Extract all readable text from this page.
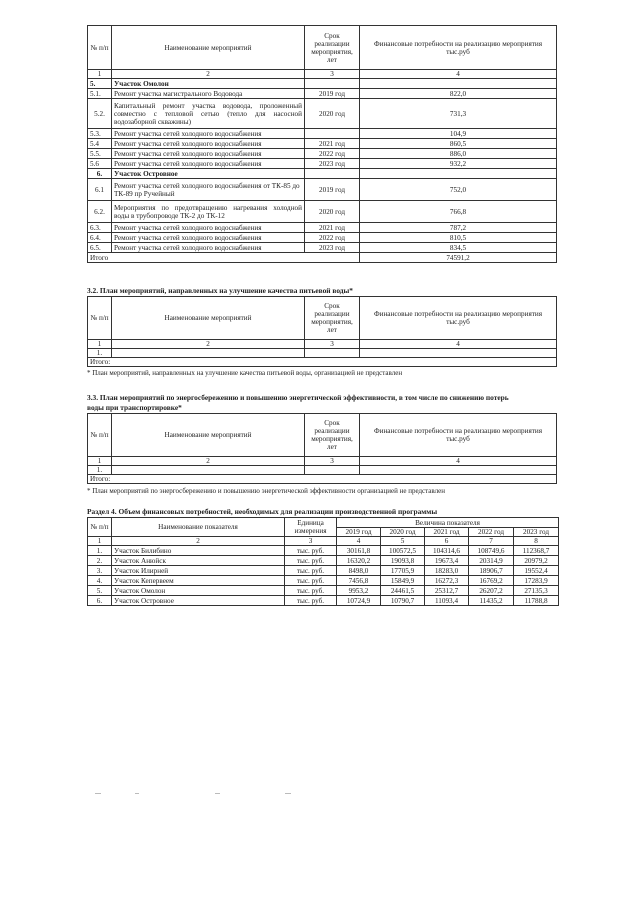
№ п/п	Наименование мероприятий	Срок реализации мероприятия, лет	Финансовые потребности на реализацию мероприятия тыс.руб
1	2	3	4
5.	Участок Омолон		
5.1.	Ремонт участка магистрального Водовода	2019 год	822,0
5.2.	Капитальный ремонт участка водовода, проложенный совместно с тепловой сетью (тепло для насосной водозаборной скважины)	2020 год	731,3
5.3.	Ремонт участка сетей холодного водоснабжения		104,9
5.4	Ремонт участка сетей холодного водоснабжения	2021 год	860,5
5.5.	Ремонт участка сетей холодного водоснабжения	2022 год	886,0
5.6	Ремонт участка сетей холодного водоснабжения	2023 год	932,2
6.	Участок Островное		
6.1	Ремонт участка сетей холодного водоснабжения от ТК-85 до ТК-89 пр Ручейный	2019 год	752,0
6.2.	Мероприятия по предотвращению нагревания холодной воды в трубопроводе ТК-2 до ТК-12	2020 год	766,8
6.3.	Ремонт участка сетей холодного водоснабжения	2021 год	787,2
6.4.	Ремонт участка сетей холодного водоснабжения	2022 год	810,5
6.5.	Ремонт участка сетей холодного водоснабжения	2023 год	834,5
Итого			74591,2
3.2. План мероприятий, направленных на улучшение качества питьевой воды*
№ п/п	Наименование мероприятий	Срок реализации мероприятия, лет	Финансовые потребности на реализацию мероприятия тыс.руб
1	2	3	4
1.			
Итого:			
* План мероприятий, направленных на улучшение качества питьевой воды, организацией не представлен
3.3. План мероприятий по энергосбережению и повышению энергетической эффективности, в том числе по снижению потерь
воды при транспортировке*
№ п/п	Наименование мероприятий	Срок реализации мероприятия, лет	Финансовые потребности на реализацию мероприятия тыс.руб
1	2	3	4
1.			
Итого:			
* План мероприятий по энергосбережению и повышению энергетической эффективности организацией не представлен
Раздел 4. Объем финансовых потребностей, необходимых для реализации производственной программы
№ п/п	Наименование показателя	Единица измерения	Величина показателя				
			2019 год	2020 год	2021 год	2022 год	2023 год
1	2	3	4	5	6	7	8
1.	Участок Билибино	тыс. руб.	30161,8	100572,5	104314,6	108749,6	112368,7
2.	Участок Анюйск	тыс. руб.	16320,2	19093,8	19673,4	20314,9	20979,2
3.	Участок Илирней	тыс. руб.	8498,0	17705,9	18283,0	18906,7	19552,4
4.	Участок Кепервеем	тыс. руб.	7456,8	15849,9	16272,3	16769,2	17283,9
5.	Участок Омолон	тыс. руб.	9953,2	24461,5	25312,7	26207,2	27135,3
6.	Участок Островное	тыс. руб.	10724,9	10790,7	11093,4	11435,2	11788,8
